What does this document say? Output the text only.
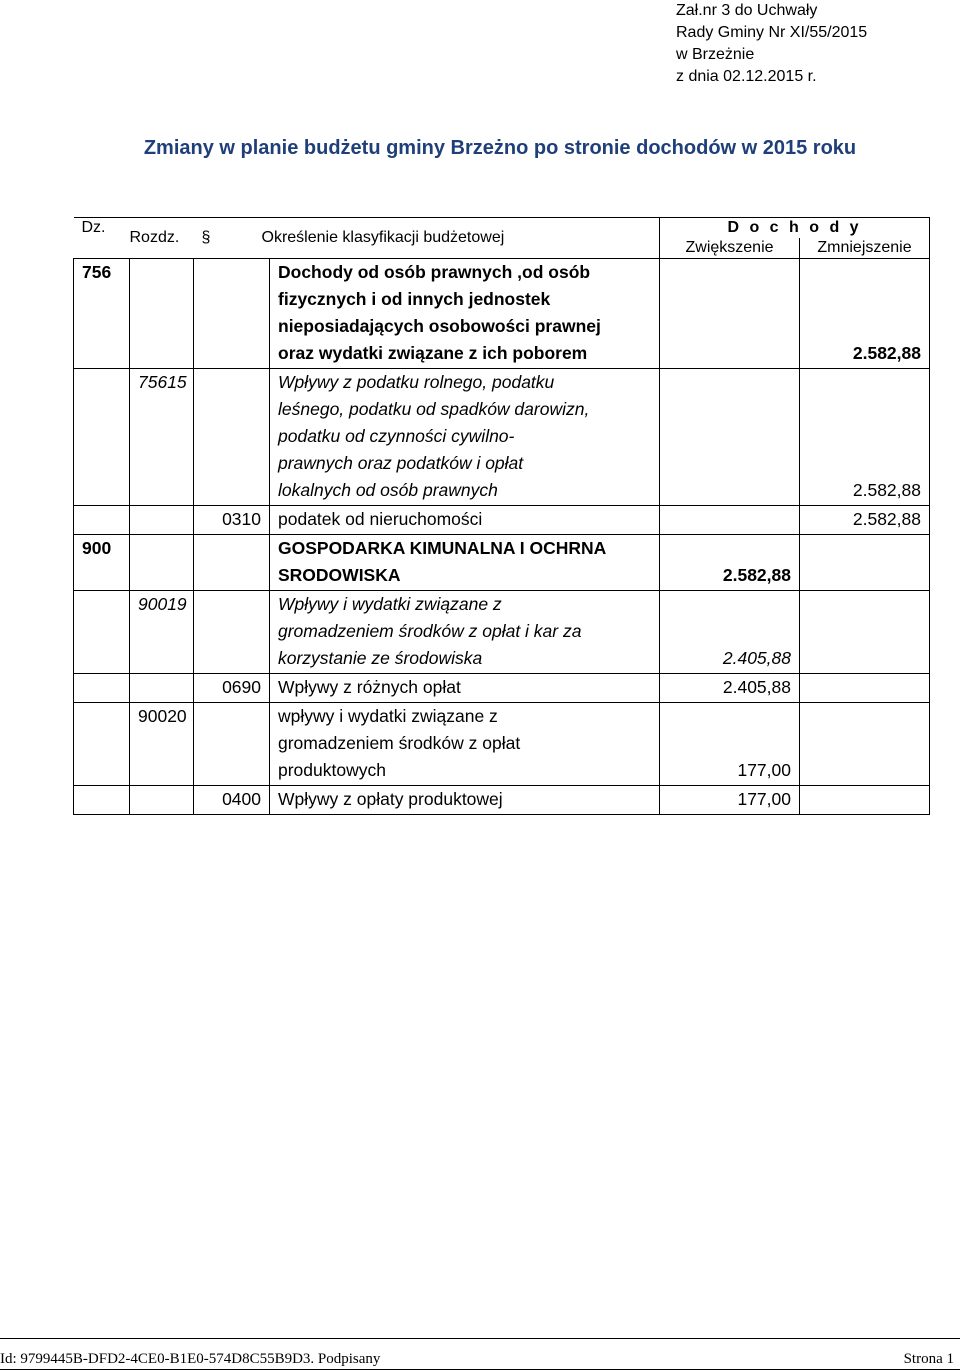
Zał.nr 3 do Uchwały
Rady Gminy Nr XI/55/2015
w Brzeżnie
z dnia 02.12.2015 r.
Zmiany w planie budżetu gminy Brzeżno po stronie dochodów w 2015 roku
Dz.	Rozdz.	§ Określenie klasyfikacji budżetowej		D o c h o d y	
				Zwiększenie	Zmniejszenie
756			Dochody od osób prawnych ,od osób
fizycznych i od innych jednostek
nieposiadających osobowości prawnej
oraz wydatki związane z ich poborem		2.582,88
	75615		Wpływy z podatku rolnego, podatku
leśnego, podatku od spadków darowizn,
podatku od czynności cywilno-
prawnych oraz podatków i opłat
lokalnych od osób prawnych		2.582,88
		0310	podatek od nieruchomości		2.582,88
900			GOSPODARKA KIMUNALNA I OCHRNA
SRODOWISKA	2.582,88	
	90019		Wpływy i wydatki związane z
gromadzeniem środków z opłat i kar za
korzystanie ze środowiska	2.405,88	
		0690	Wpływy z różnych opłat	2.405,88	
	90020		wpływy i wydatki związane z
gromadzeniem środków z opłat
produktowych	177,00	
		0400	Wpływy z opłaty produktowej	177,00	
Id: 9799445B-DFD2-4CE0-B1E0-574D8C55B9D3. Podpisany	Strona 1
